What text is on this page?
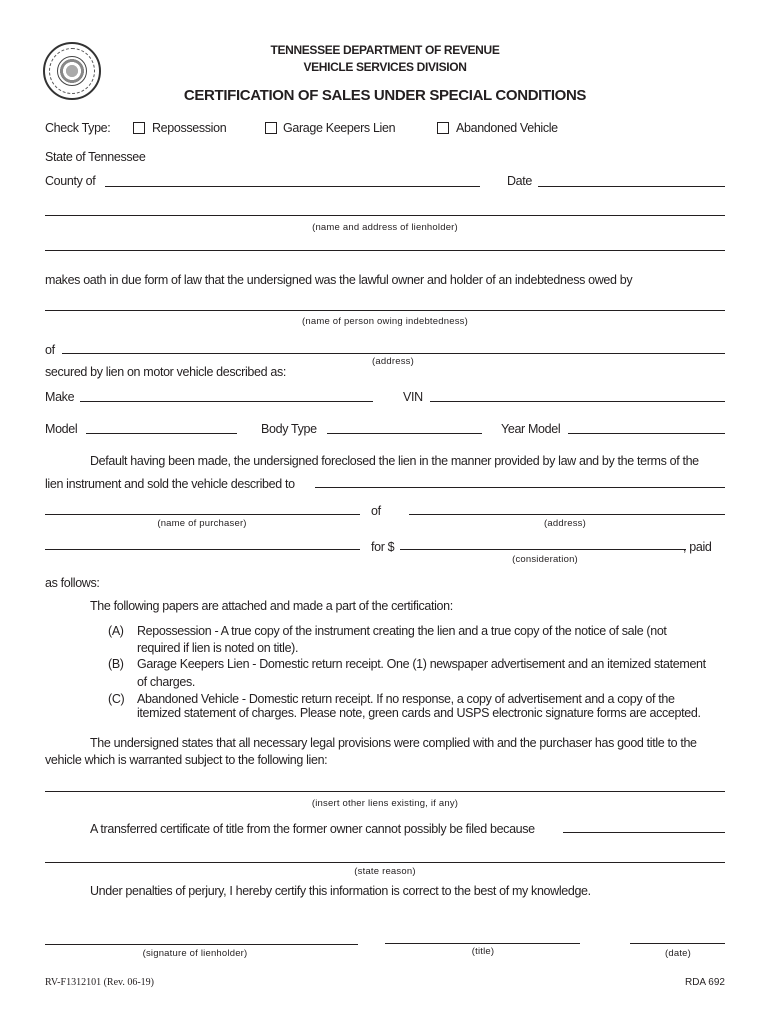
TENNESSEE DEPARTMENT OF REVENUE
VEHICLE SERVICES DIVISION
CERTIFICATION OF SALES UNDER SPECIAL CONDITIONS
Check Type:	Repossession	Garage Keepers Lien	Abandoned Vehicle
State of Tennessee
County of	Date
(name and address of lienholder)
makes oath in due form of law that the undersigned was the lawful owner and holder of an indebtedness owed by
(name of person owing indebtedness)
of
(address)
secured by lien on motor vehicle described as:
Make	VIN
Model	Body Type	Year Model
Default having been made, the undersigned foreclosed the lien in the manner provided by law and by the terms of the
lien instrument and sold the vehicle described to
of
(name of purchaser)	(address)
for $	, paid
(consideration)
as follows:
The following papers are attached and made a part of the certification:
(A) Repossession - A true copy of the instrument creating the lien and a true copy of the notice of sale (not
required if lien is noted on title).
(B) Garage Keepers Lien - Domestic return receipt. One (1) newspaper advertisement and an itemized statement
of charges.
(C) Abandoned Vehicle - Domestic return receipt. If no response, a copy of advertisement and a copy of the
itemized statement of charges. Please note, green cards and USPS electronic signature forms are accepted.
The undersigned states that all necessary legal provisions were complied with and the purchaser has good title to the
vehicle which is warranted subject to the following lien:
(insert other liens existing, if any)
A transferred certificate of title from the former owner cannot possibly be filed because
(state reason)
Under penalties of perjury, I hereby certify this information is correct to the best of my knowledge.
(signature of lienholder)	(title)	(date)
RV-F1312101 (Rev. 06-19)	RDA 692
